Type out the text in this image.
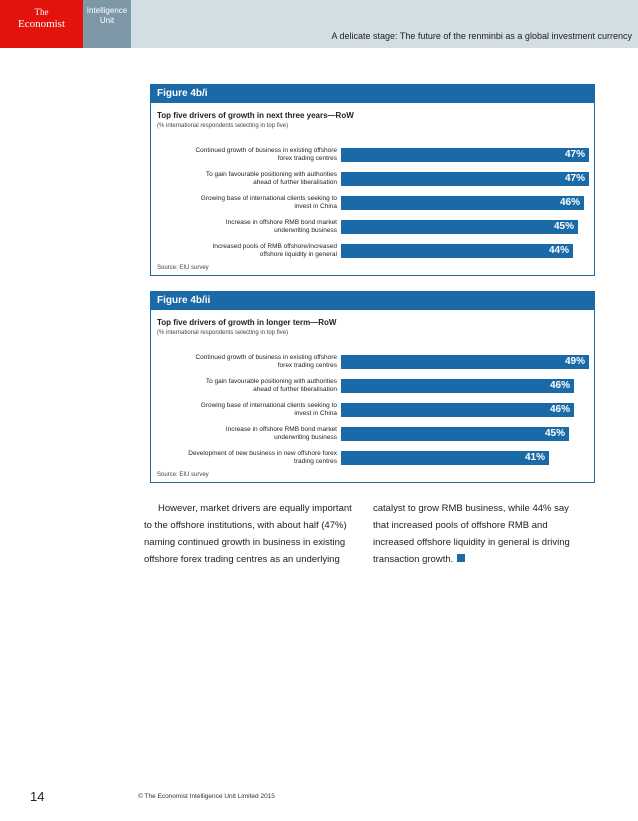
The
Economist
Intelligence
Unit
A delicate stage: The future of the renminbi as a global investment currency
Figure 4b/i
Top five drivers of growth in next three years—RoW
(% international respondents selecting in top five)
Continued growth of business in existing offshore
forex trading centres	47%
To gain favourable positioning with authorities
ahead of further liberalisation	47%
Growing base of international clients seeking to
invest in China	46%
Increase in offshore RMB bond market
underwriting business	45%
Increased pools of RMB offshore/increased
offshore liquidity in general	44%
Source: EIU survey
Figure 4b/ii
Top five drivers of growth in longer term—RoW
(% international respondents selecting in top five)
Continued growth of business in existing offshore
forex trading centres	49%
To gain favourable positioning with authorities
ahead of further liberalisation	46%
Growing base of international clients seeking to
invest in China	46%
Increase in offshore RMB bond market
underwriting business	45%
Development of new business in new offshore forex
trading centres	41%
Source: EIU survey

However, market drivers are equally important to the offshore institutions, with about half (47%) naming continued growth in business in existing offshore forex trading centres as an underlying

catalyst to grow RMB business, while 44% say that increased pools of offshore RMB and increased offshore liquidity in general is driving transaction growth.

14	© The Economist Intelligence Unit Limited 2015
